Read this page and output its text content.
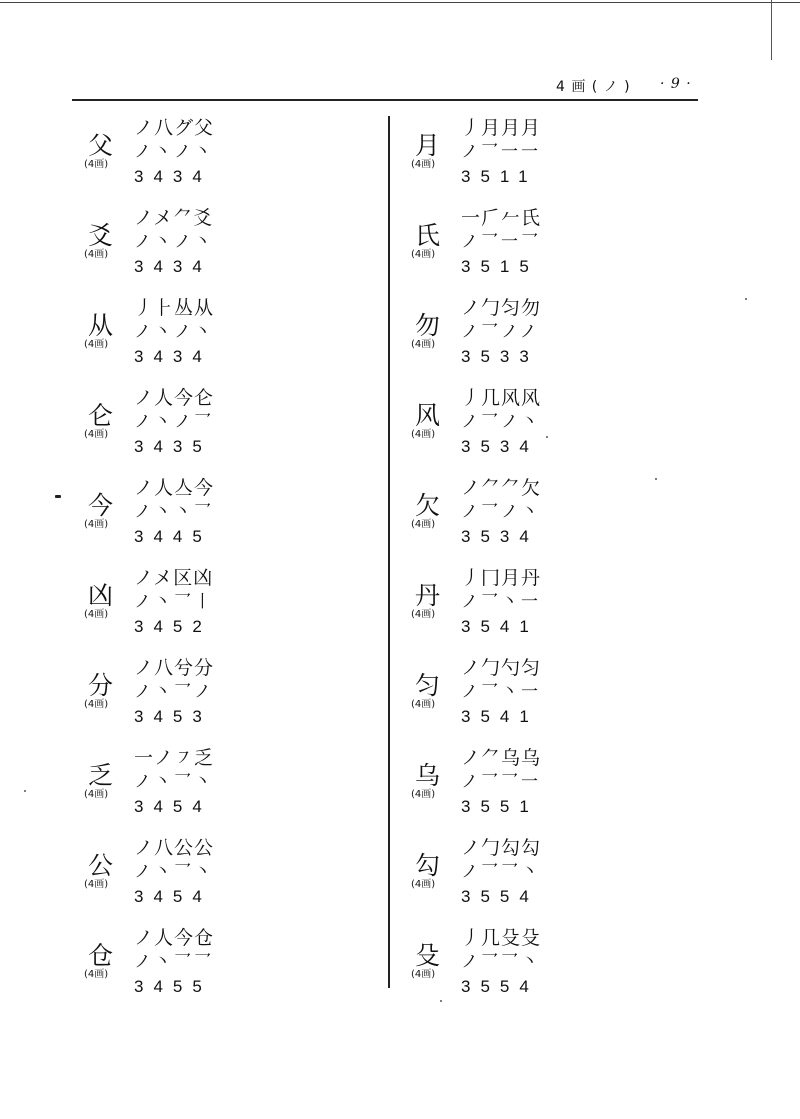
4 画 ( ノ ) · 9 ·
父
(4画)
ノ八グ父
ノ丶ノ丶
3434
爻
(4画)
ノメ⺈爻
ノ丶ノ丶
3434
从
(4画)
丿⺊丛从
ノ丶ノ丶
3434
仑
(4画)
ノ人今仑
ノ丶ノ乛
3435
今
(4画)
ノ人亼今
ノ丶丶乛
3445
凶
(4画)
ノメ区凶
ノ丶乛丨
3452
分
(4画)
ノ八兮分
ノ丶乛ノ
3453
乏
(4画)
一ノ㇇乏
ノ丶乛丶
3454
公
(4画)
ノ八公公
ノ丶乛丶
3454
仓
(4画)
ノ人今仓
ノ丶乛乛
3455
月
(4画)
丿月月月
ノ乛一一
3511
氏
(4画)
一𠂆𠂉氏
ノ乛一乛
3515
勿
(4画)
ノ勹匀勿
ノ乛ノノ
3533
风
(4画)
丿几风风
ノ乛ノ丶
3534
欠
(4画)
ノ⺈⺈欠
ノ乛ノ丶
3534
丹
(4画)
丿冂月丹
ノ乛丶一
3541
匀
(4画)
ノ勹勺匀
ノ乛丶一
3541
乌
(4画)
ノ⺈乌乌
ノ乛乛一
3551
勾
(4画)
ノ勹勾勾
ノ乛乛丶
3554
殳
(4画)
丿几殳殳
ノ乛乛丶
3554
